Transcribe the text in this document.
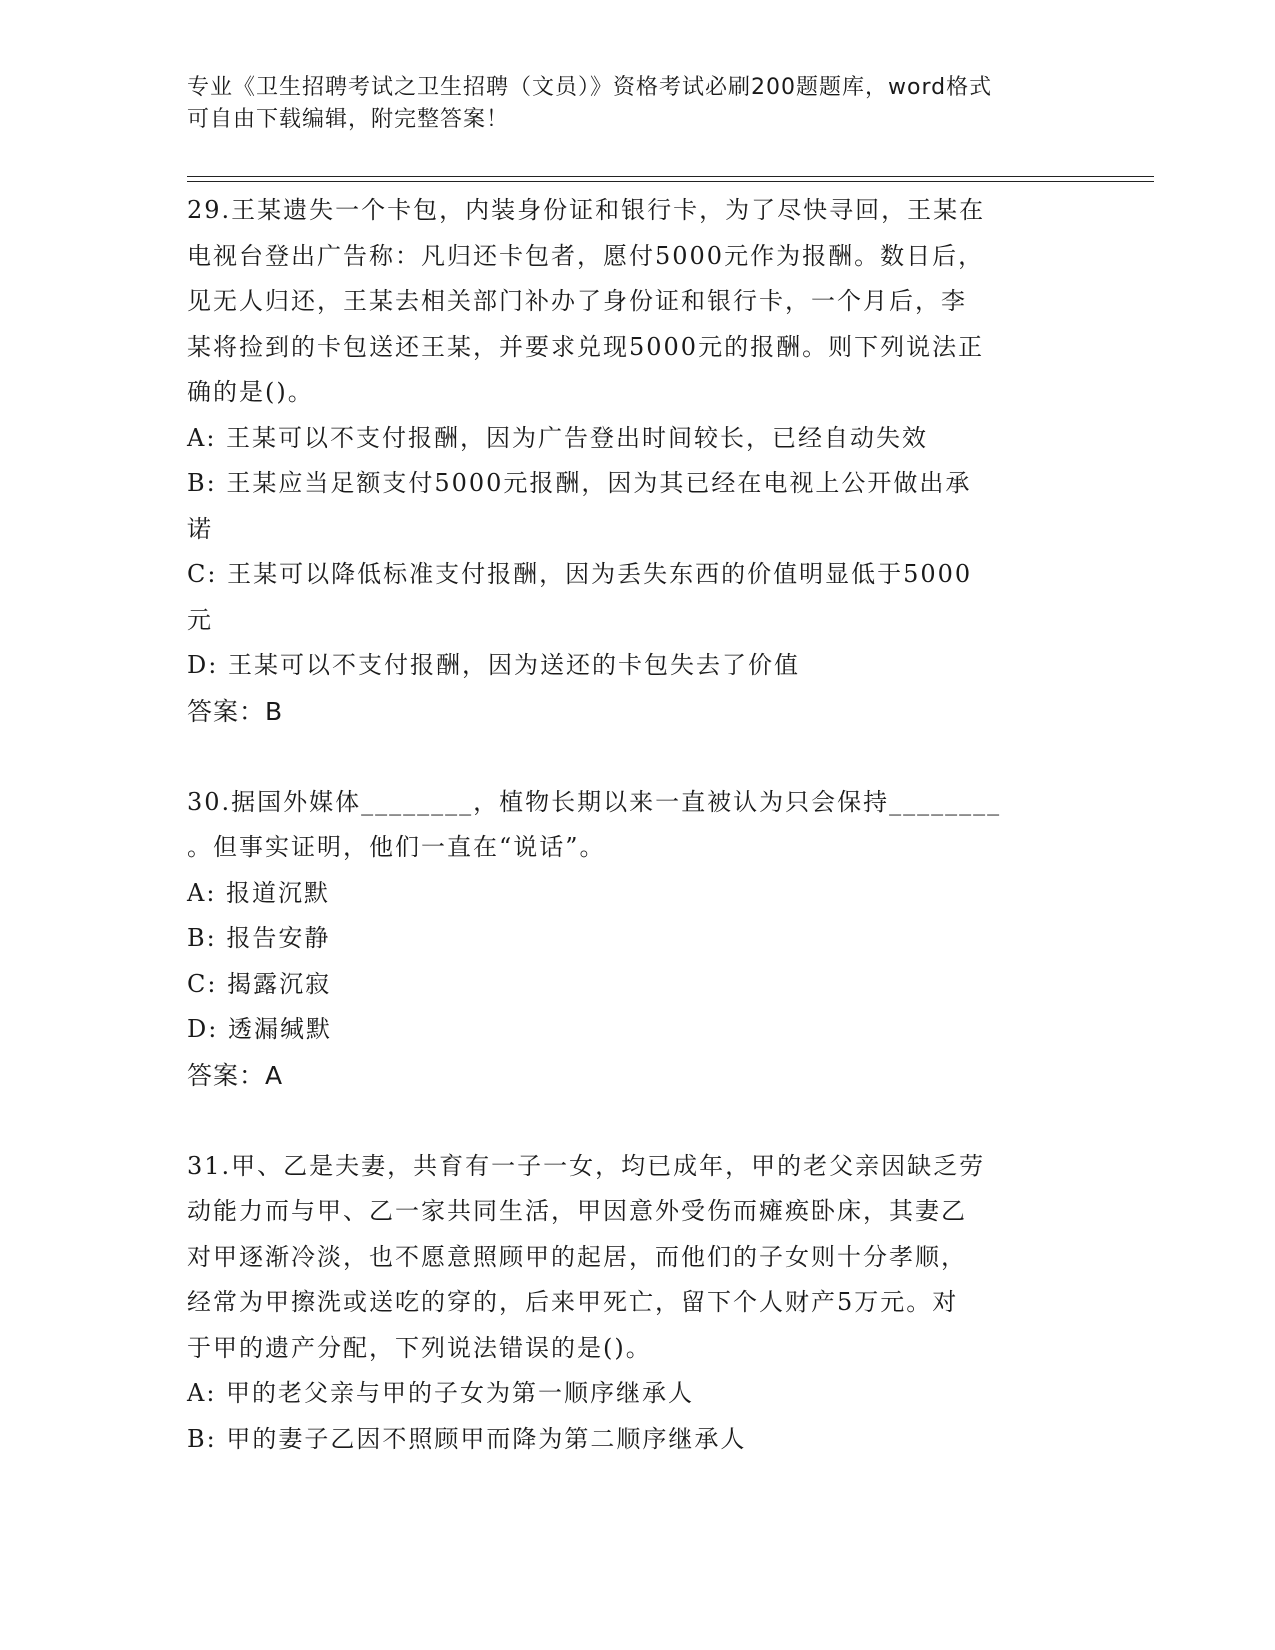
专业《卫生招聘考试之卫生招聘（文员）》资格考试必刷200题题库，word格式
可自由下载编辑，附完整答案！
29.王某遗失一个卡包，内装身份证和银行卡，为了尽快寻回，王某在
电视台登出广告称：凡归还卡包者，愿付5000元作为报酬。数日后，
见无人归还，王某去相关部门补办了身份证和银行卡，一个月后，李
某将捡到的卡包送还王某，并要求兑现5000元的报酬。则下列说法正
确的是()。
A: 王某可以不支付报酬，因为广告登出时间较长，已经自动失效
B: 王某应当足额支付5000元报酬，因为其已经在电视上公开做出承
诺
C: 王某可以降低标准支付报酬，因为丢失东西的价值明显低于5000
元
D: 王某可以不支付报酬，因为送还的卡包失去了价值
答案：B
30.据国外媒体________，植物长期以来一直被认为只会保持________
。但事实证明，他们一直在“说话”。
A: 报道沉默
B: 报告安静
C: 揭露沉寂
D: 透漏缄默
答案：A
31.甲、乙是夫妻，共育有一子一女，均已成年，甲的老父亲因缺乏劳
动能力而与甲、乙一家共同生活，甲因意外受伤而瘫痪卧床，其妻乙
对甲逐渐冷淡，也不愿意照顾甲的起居，而他们的子女则十分孝顺，
经常为甲擦洗或送吃的穿的，后来甲死亡，留下个人财产5万元。对
于甲的遗产分配，下列说法错误的是()。
A: 甲的老父亲与甲的子女为第一顺序继承人
B: 甲的妻子乙因不照顾甲而降为第二顺序继承人
